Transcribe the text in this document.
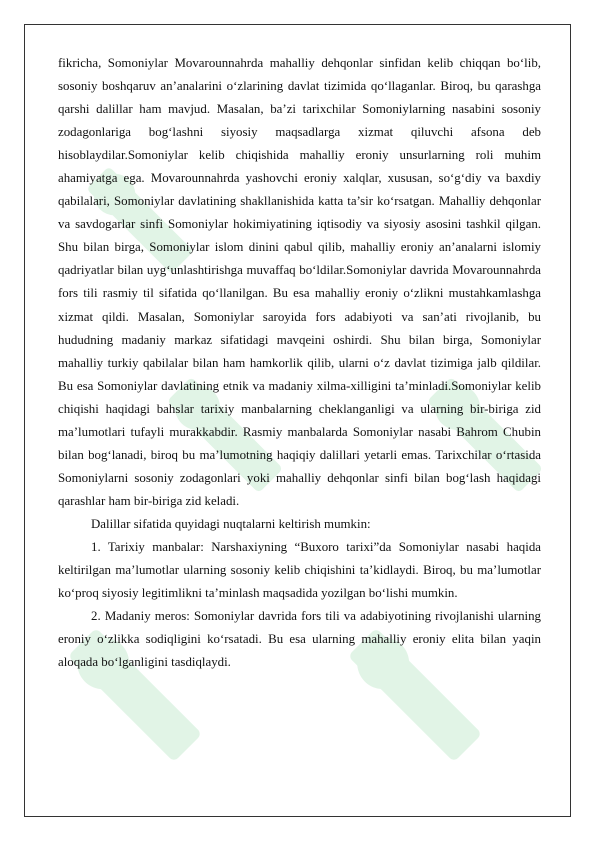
fikricha, Somoniylar Movarounnahrda mahalliy dehqonlar sinfidan kelib chiqqan bo‘lib, sosoniy boshqaruv an’analarini o‘zlarining davlat tizimida qo‘llaganlar. Biroq, bu qarashga qarshi dalillar ham mavjud. Masalan, ba’zi tarixchilar Somoniylarning nasabini sosoniy zodagonlariga bog‘lashni siyosiy maqsadlarga xizmat qiluvchi afsona deb hisoblaydilar.Somoniylar kelib chiqishida mahalliy eroniy unsurlarning roli muhim ahamiyatga ega. Movarounnahrda yashovchi eroniy xalqlar, xususan, so‘g‘diy va baxdiy qabilalari, Somoniylar davlatining shakllanishida katta ta’sir ko‘rsatgan. Mahalliy dehqonlar va savdogarlar sinfi Somoniylar hokimiyatining iqtisodiy va siyosiy asosini tashkil qilgan. Shu bilan birga, Somoniylar islom dinini qabul qilib, mahalliy eroniy an’analarni islomiy qadriyatlar bilan uyg‘unlashtirishga muvaffaq bo‘ldilar.Somoniylar davrida Movarounnahrda fors tili rasmiy til sifatida qo‘llanilgan. Bu esa mahalliy eroniy o‘zlikni mustahkamlashga xizmat qildi. Masalan, Somoniylar saroyida fors adabiyoti va san’ati rivojlanib, bu hududning madaniy markaz sifatidagi mavqeini oshirdi. Shu bilan birga, Somoniylar mahalliy turkiy qabilalar bilan ham hamkorlik qilib, ularni o‘z davlat tizimiga jalb qildilar. Bu esa Somoniylar davlatining etnik va madaniy xilma-xilligini ta’minladi.Somoniylar kelib chiqishi haqidagi bahslar tarixiy manbalarning cheklanganligi va ularning bir-biriga zid ma’lumotlari tufayli murakkabdir. Rasmiy manbalarda Somoniylar nasabi Bahrom Chubin bilan bog‘lanadi, biroq bu ma’lumotning haqiqiy dalillari yetarli emas. Tarixchilar o‘rtasida Somoniylarni sosoniy zodagonlari yoki mahalliy dehqonlar sinfi bilan bog‘lash haqidagi qarashlar ham bir-biriga zid keladi.

Dalillar sifatida quyidagi nuqtalarni keltirish mumkin:

1. Tarixiy manbalar: Narshaxiyning “Buxoro tarixi”da Somoniylar nasabi haqida keltirilgan ma’lumotlar ularning sosoniy kelib chiqishini ta’kidlaydi. Biroq, bu ma’lumotlar ko‘proq siyosiy legitimlikni ta’minlash maqsadida yozilgan bo‘lishi mumkin.

2. Madaniy meros: Somoniylar davrida fors tili va adabiyotining rivojlanishi ularning eroniy o‘zlikka sodiqligini ko‘rsatadi. Bu esa ularning mahalliy eroniy elita bilan yaqin aloqada bo‘lganligini tasdiqlaydi.
